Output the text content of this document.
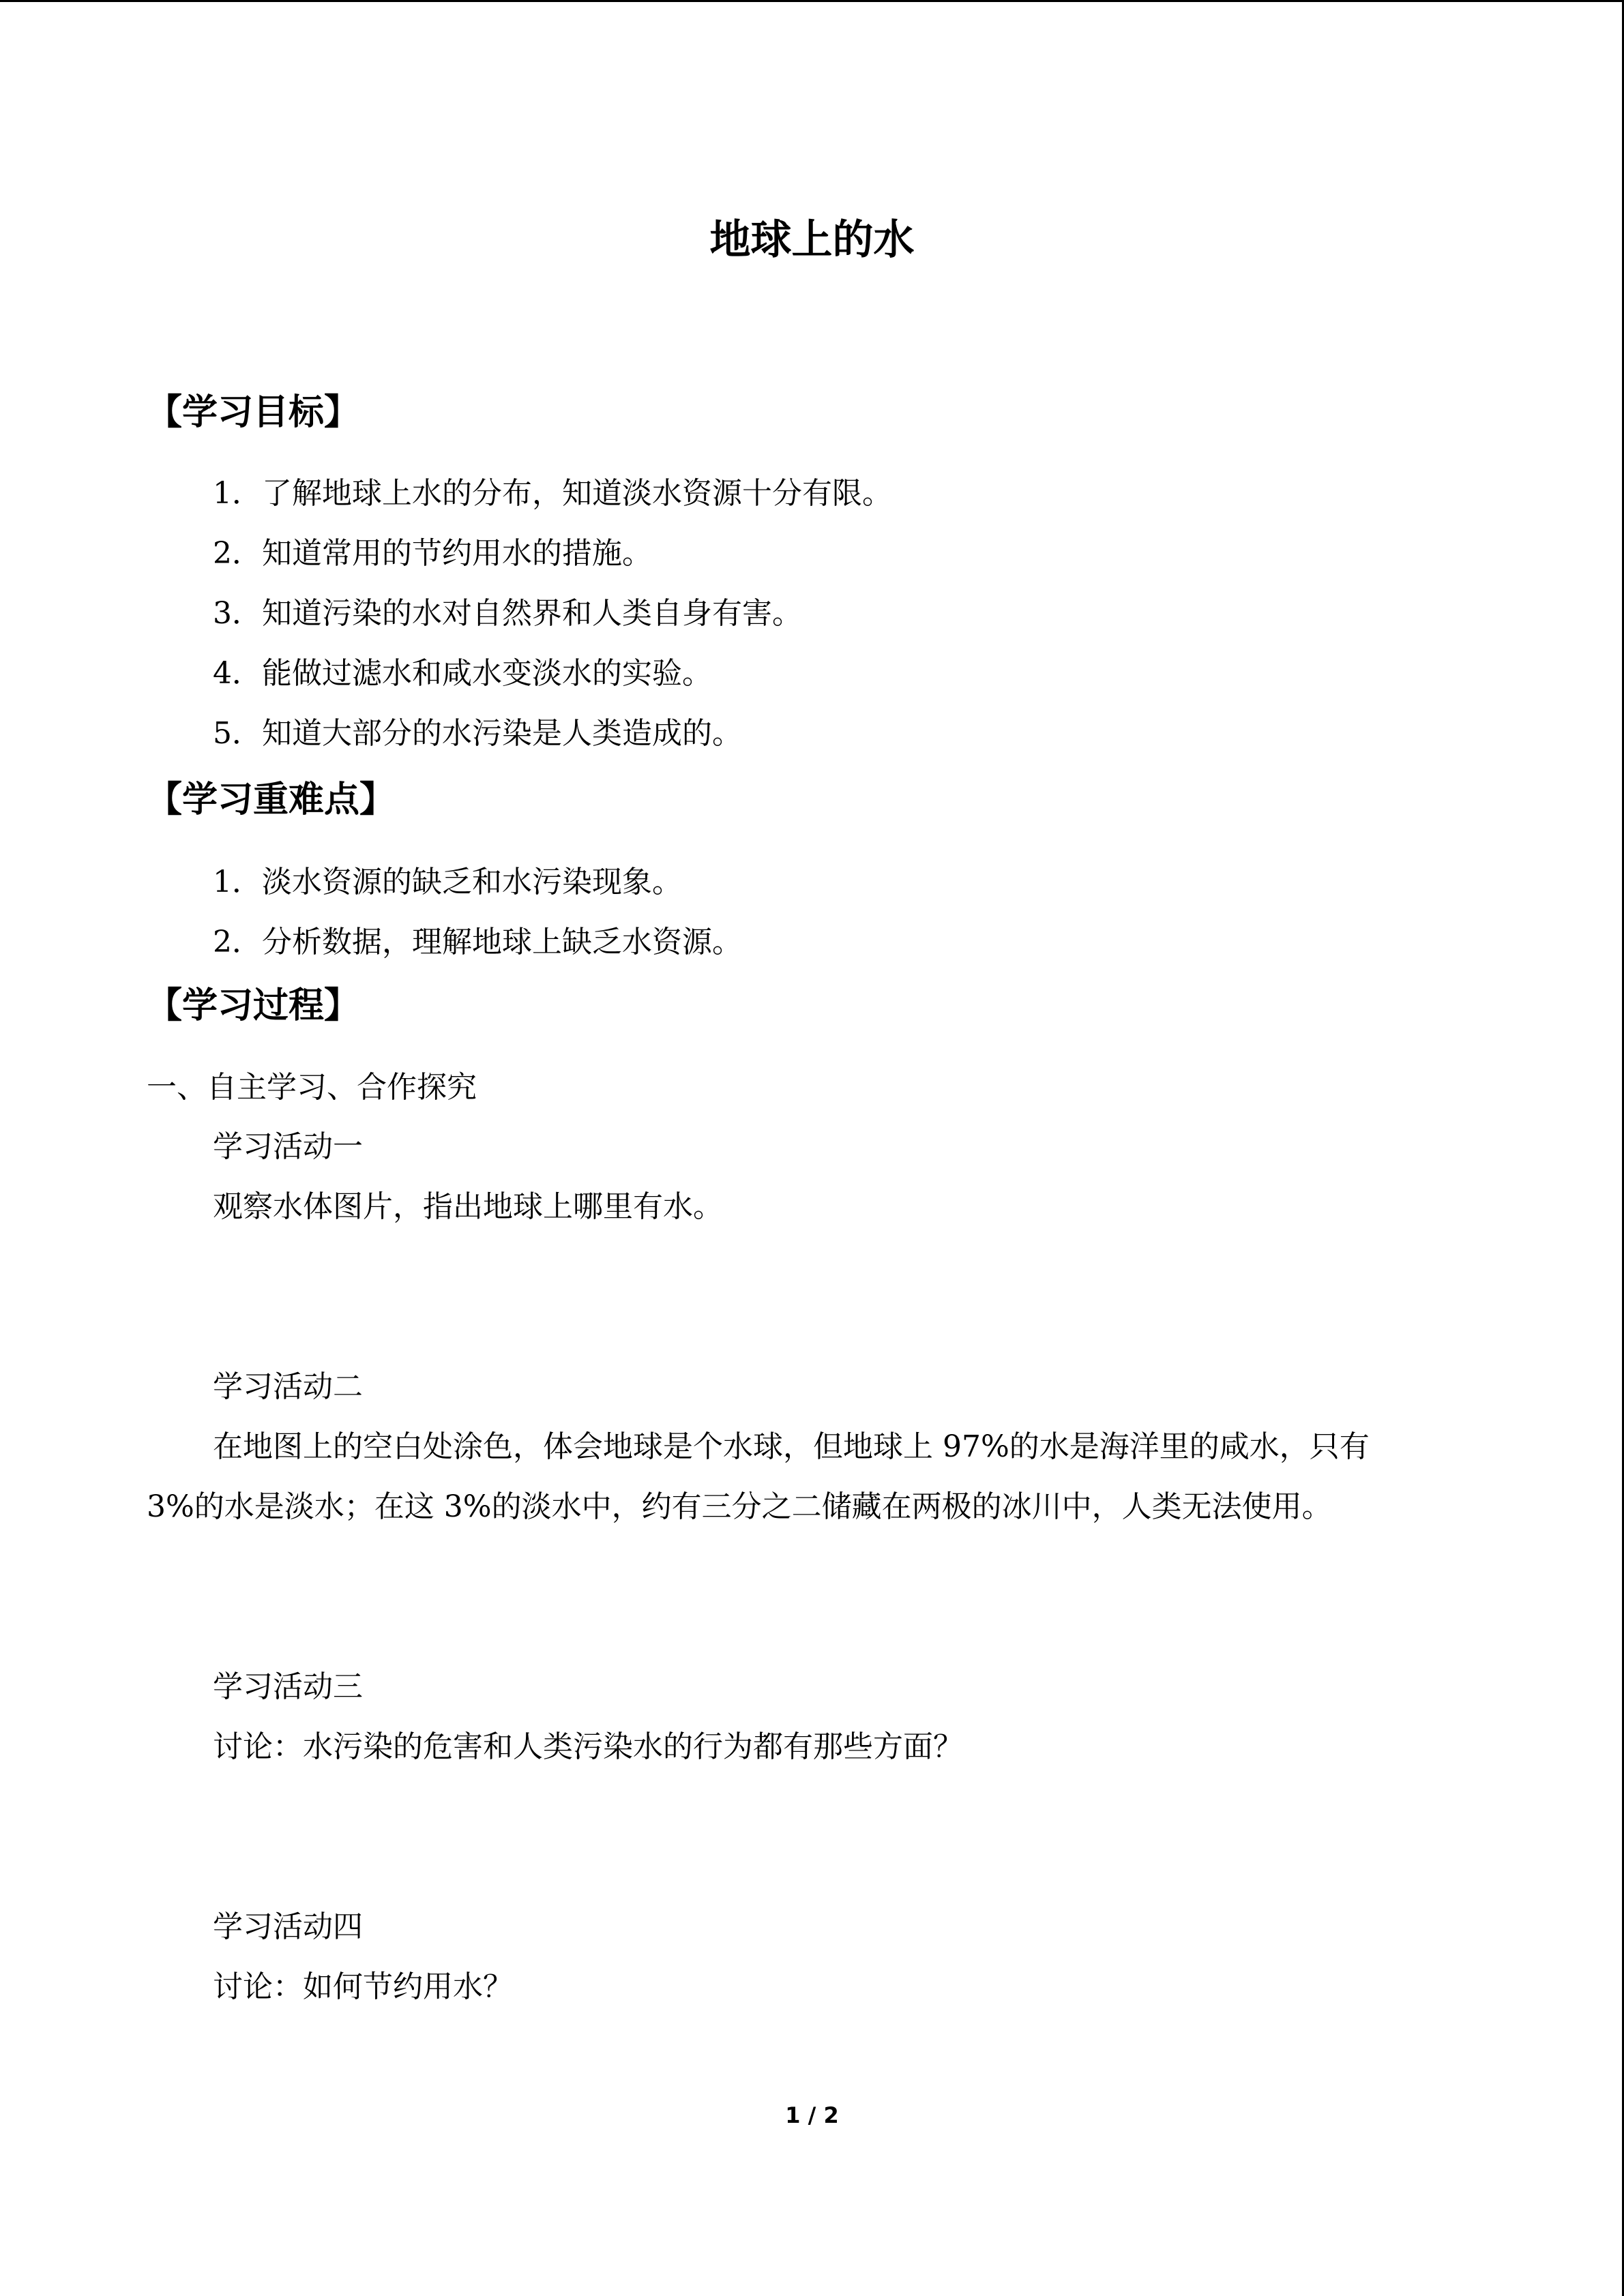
地球上的水
【学习目标】
1．了解地球上水的分布，知道淡水资源十分有限。
2．知道常用的节约用水的措施。
3．知道污染的水对自然界和人类自身有害。
4．能做过滤水和咸水变淡水的实验。
5．知道大部分的水污染是人类造成的。
【学习重难点】
1．淡水资源的缺乏和水污染现象。
2．分析数据，理解地球上缺乏水资源。
【学习过程】
一、自主学习、合作探究
学习活动一
观察水体图片，指出地球上哪里有水。
学习活动二
在地图上的空白处涂色，体会地球是个水球，但地球上 97%的水是海洋里的咸水，只有
3%的水是淡水；在这 3%的淡水中，约有三分之二储藏在两极的冰川中，人类无法使用。
学习活动三
讨论：水污染的危害和人类污染水的行为都有那些方面？
学习活动四
讨论：如何节约用水？
1 / 2
